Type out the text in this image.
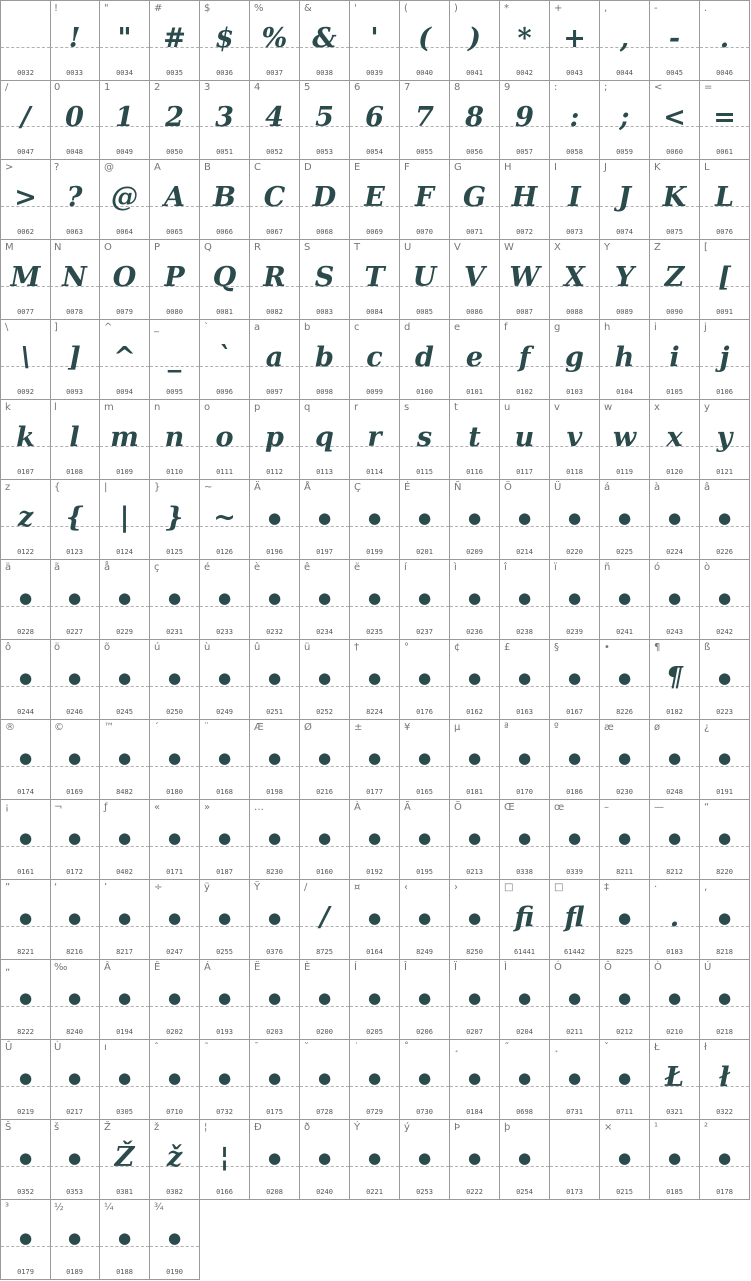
0032
!
!
0033
"
"
0034
#
#
0035
$
$
0036
%
%
0037
&
&
0038
'
'
0039
(
(
0040
)
)
0041
*
*
0042
+
+
0043
,
,
0044
-
-
0045
.
.
0046
/
/
0047
0
0
0048
1
1
0049
2
2
0050
3
3
0051
4
4
0052
5
5
0053
6
6
0054
7
7
0055
8
8
0056
9
9
0057
:
:
0058
;
;
0059
<
<
0060
=
=
0061
>
>
0062
?
?
0063
@
@
0064
A
A
0065
B
B
0066
C
C
0067
D
D
0068
E
E
0069
F
F
0070
G
G
0071
H
H
0072
I
I
0073
J
J
0074
K
K
0075
L
L
0076
M
M
0077
N
N
0078
O
O
0079
P
P
0080
Q
Q
0081
R
R
0082
S
S
0083
T
T
0084
U
U
0085
V
V
0086
W
W
0087
X
X
0088
Y
Y
0089
Z
Z
0090
[
[
0091
\
\
0092
]
]
0093
^
^
0094
_
_
0095
`
`
0096
a
a
0097
b
b
0098
c
c
0099
d
d
0100
e
e
0101
f
f
0102
g
g
0103
h
h
0104
i
i
0105
j
j
0106
k
k
0107
l
l
0108
m
m
0109
n
n
0110
o
o
0111
p
p
0112
q
q
0113
r
r
0114
s
s
0115
t
t
0116
u
u
0117
v
v
0118
w
w
0119
x
x
0120
y
y
0121
z
z
0122
{
{
0123
|
|
0124
}
}
0125
~
~
0126
Ä
●
0196
Å
●
0197
Ç
●
0199
É
●
0201
Ñ
●
0209
Ö
●
0214
Ü
●
0220
á
●
0225
à
●
0224
â
●
0226
ä
●
0228
ã
●
0227
å
●
0229
ç
●
0231
é
●
0233
è
●
0232
ê
●
0234
ë
●
0235
í
●
0237
ì
●
0236
î
●
0238
ï
●
0239
ñ
●
0241
ó
●
0243
ò
●
0242
ô
●
0244
ö
●
0246
õ
●
0245
ú
●
0250
ù
●
0249
û
●
0251
ü
●
0252
†
●
8224
°
●
0176
¢
●
0162
£
●
0163
§
●
0167
•
●
8226
¶
¶
0182
ß
●
0223
®
●
0174
©
●
0169
™
●
8482
´
●
0180
¨
●
0168
Æ
●
0198
Ø
●
0216
±
●
0177
¥
●
0165
µ
●
0181
ª
●
0170
º
●
0186
æ
●
0230
ø
●
0248
¿
●
0191
¡
●
0161
¬
●
0172
ƒ
●
0402
«
●
0171
»
●
0187
…
●
8230
●
0160
À
●
0192
Ã
●
0195
Õ
●
0213
Œ
●
0338
œ
●
0339
–
●
8211
—
●
8212
“
●
8220
”
●
8221
‘
●
8216
’
●
8217
÷
●
0247
ÿ
●
0255
Ÿ
●
0376
/
/
8725
¤
●
0164
‹
●
8249
›
●
8250
□
ﬁ
61441
□
ﬂ
61442
‡
●
8225
·
.
0183
‚
●
8218
„
●
8222
‰
●
8240
Â
●
0194
Ê
●
0202
Á
●
0193
Ë
●
0203
È
●
0200
Í
●
0205
Î
●
0206
Ï
●
0207
Ì
●
0204
Ó
●
0211
Ô
●
0212
Ò
●
0210
Ú
●
0218
Û
●
0219
Ù
●
0217
ı
●
0305
ˆ
●
0710
˜
●
0732
¯
●
0175
˘
●
0728
˙
●
0729
˚
●
0730
¸
●
0184
˝
●
0698
˛
●
0731
ˇ
●
0711
Ł
Ł
0321
ł
ł
0322
Š
●
0352
š
●
0353
Ž
Ž
0381
ž
ž
0382
¦
¦
0166
Ð
●
0208
ð
●
0240
Ý
●
0221
ý
●
0253
Þ
●
0222
þ
●
0254	0173
×
●
0215
¹
●
0185
²
●
0178
³
●
0179
½
●
0189
¼
●
0188
¾
●
0190
